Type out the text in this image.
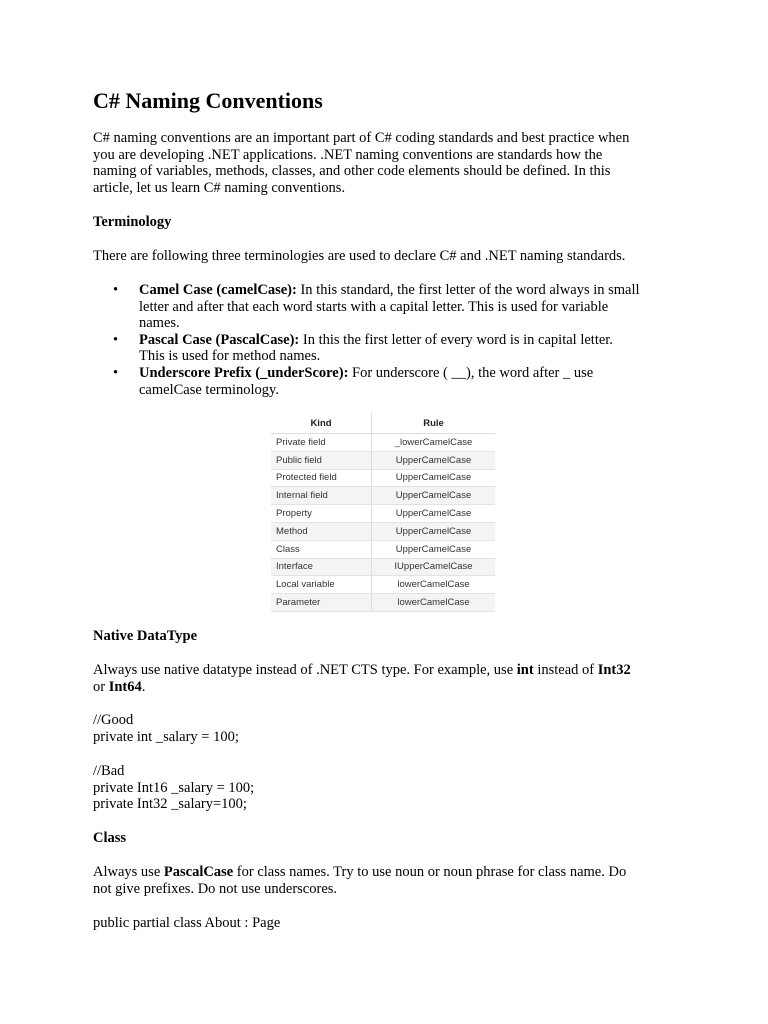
C# Naming Conventions
C# naming conventions are an important part of C# coding standards and best practice when
you are developing .NET applications. .NET naming conventions are standards how the
naming of variables, methods, classes, and other code elements should be defined. In this
article, let us learn C# naming conventions.
Terminology
There are following three terminologies are used to declare C# and .NET naming standards.
• Camel Case (camelCase): In this standard, the first letter of the word always in small
letter and after that each word starts with a capital letter. This is used for variable
names.
• Pascal Case (PascalCase): In this the first letter of every word is in capital letter.
This is used for method names.
• Underscore Prefix (_underScore): For underscore ( __), the word after _ use
camelCase terminology.
Kind	Rule
Private field	_lowerCamelCase
Public field	UpperCamelCase
Protected field	UpperCamelCase
Internal field	UpperCamelCase
Property	UpperCamelCase
Method	UpperCamelCase
Class	UpperCamelCase
Interface	IUpperCamelCase
Local variable	lowerCamelCase
Parameter	lowerCamelCase
Native DataType
Always use native datatype instead of .NET CTS type. For example, use int instead of Int32
or Int64.
//Good
private int _salary = 100;
//Bad
private Int16 _salary = 100;
private Int32 _salary=100;
Class
Always use PascalCase for class names. Try to use noun or noun phrase for class name. Do
not give prefixes. Do not use underscores.
public partial class About : Page
